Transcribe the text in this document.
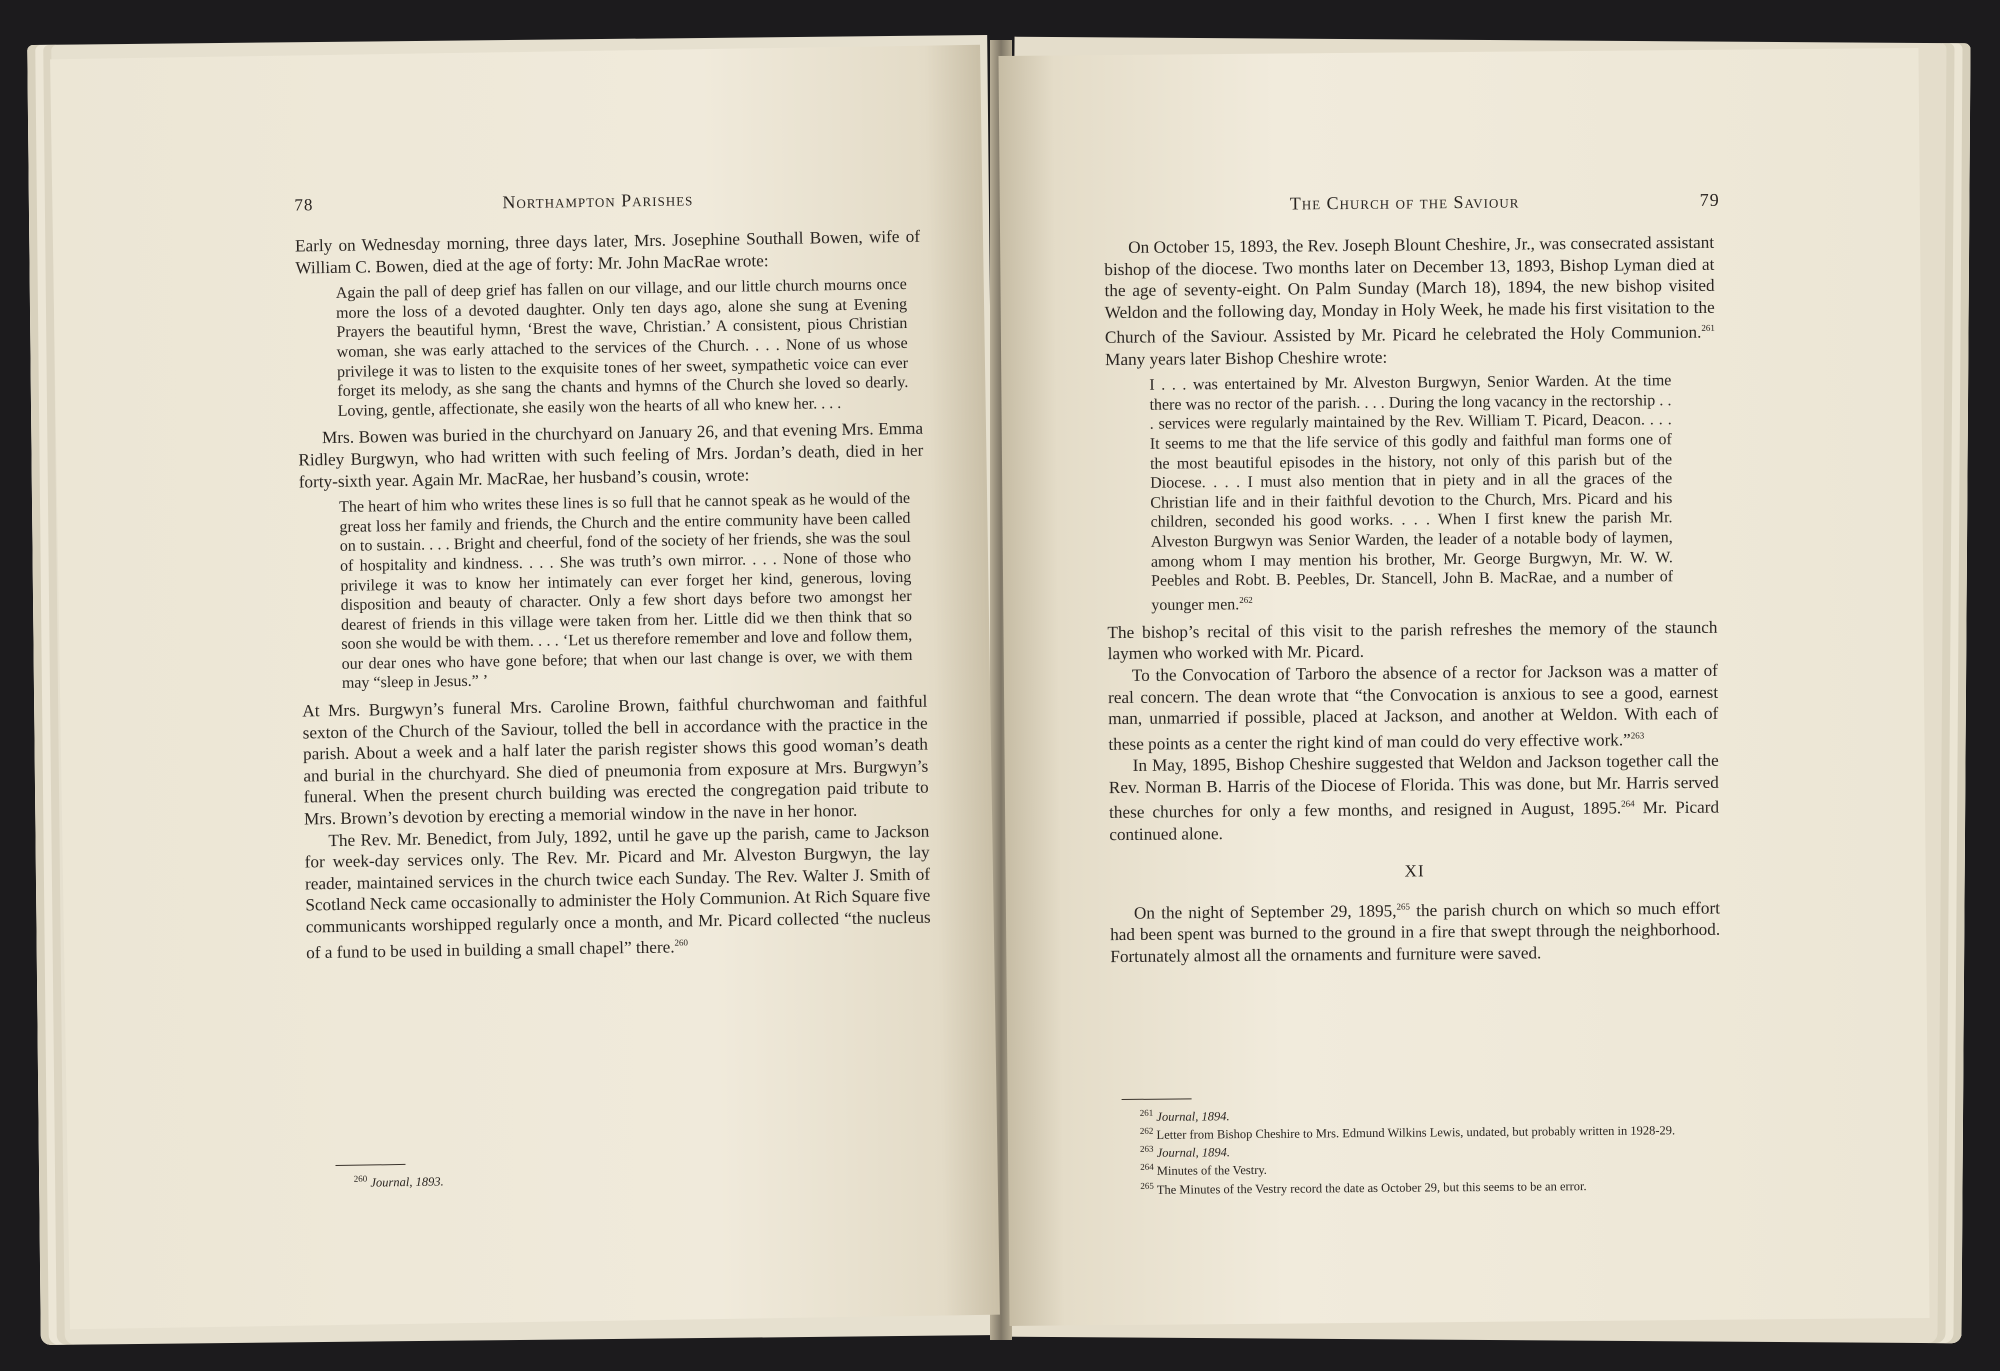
78	Northampton Parishes

Early on Wednesday morning, three days later, Mrs. Josephine Southall Bowen, wife of William C. Bowen, died at the age of forty: Mr. John MacRae wrote:

Again the pall of deep grief has fallen on our village, and our little church mourns once more the loss of a devoted daughter. Only ten days ago, alone she sung at Evening Prayers the beautiful hymn, ‘Brest the wave, Christian.’ A consistent, pious Christian woman, she was early attached to the services of the Church. . . . None of us whose privilege it was to listen to the exquisite tones of her sweet, sympathetic voice can ever forget its melody, as she sang the chants and hymns of the Church she loved so dearly. Loving, gentle, affectionate, she easily won the hearts of all who knew her. . . .

Mrs. Bowen was buried in the churchyard on January 26, and that evening Mrs. Emma Ridley Burgwyn, who had written with such feeling of Mrs. Jordan’s death, died in her forty-sixth year. Again Mr. MacRae, her husband’s cousin, wrote:

The heart of him who writes these lines is so full that he cannot speak as he would of the great loss her family and friends, the Church and the entire community have been called on to sustain. . . . Bright and cheerful, fond of the society of her friends, she was the soul of hospitality and kindness. . . . She was truth’s own mirror. . . . None of those who privilege it was to know her intimately can ever forget her kind, generous, loving disposition and beauty of character. Only a few short days before two amongst her dearest of friends in this village were taken from her. Little did we then think that so soon she would be with them. . . . ‘Let us therefore remember and love and follow them, our dear ones who have gone before; that when our last change is over, we with them may “sleep in Jesus.” ’

At Mrs. Burgwyn’s funeral Mrs. Caroline Brown, faithful churchwoman and faithful sexton of the Church of the Saviour, tolled the bell in accordance with the practice in the parish. About a week and a half later the parish register shows this good woman’s death and burial in the churchyard. She died of pneumonia from exposure at Mrs. Burgwyn’s funeral. When the present church building was erected the congregation paid tribute to Mrs. Brown’s devotion by erecting a memorial window in the nave in her honor.

The Rev. Mr. Benedict, from July, 1892, until he gave up the parish, came to Jackson for week-day services only. The Rev. Mr. Picard and Mr. Alveston Burgwyn, the lay reader, maintained services in the church twice each Sunday. The Rev. Walter J. Smith of Scotland Neck came occasionally to administer the Holy Communion. At Rich Square five communicants worshipped regularly once a month, and Mr. Picard collected “the nucleus of a fund to be used in building a small chapel” there.$^{260}$

$^{260}$ Journal, 1893.
The Church of the Saviour	79

On October 15, 1893, the Rev. Joseph Blount Cheshire, Jr., was consecrated assistant bishop of the diocese. Two months later on December 13, 1893, Bishop Lyman died at the age of seventy-eight. On Palm Sunday (March 18), 1894, the new bishop visited Weldon and the following day, Monday in Holy Week, he made his first visitation to the Church of the Saviour. Assisted by Mr. Picard he celebrated the Holy Communion.$^{261}$ Many years later Bishop Cheshire wrote:

I . . . was entertained by Mr. Alveston Burgwyn, Senior Warden. At the time there was no rector of the parish. . . . During the long vacancy in the rectorship . . . services were regularly maintained by the Rev. William T. Picard, Deacon. . . . It seems to me that the life service of this godly and faithful man forms one of the most beautiful episodes in the history, not only of this parish but of the Diocese. . . . I must also mention that in piety and in all the graces of the Christian life and in their faithful devotion to the Church, Mrs. Picard and his children, seconded his good works. . . . When I first knew the parish Mr. Alveston Burgwyn was Senior Warden, the leader of a notable body of laymen, among whom I may mention his brother, Mr. George Burgwyn, Mr. W. W. Peebles and Robt. B. Peebles, Dr. Stancell, John B. MacRae, and a number of younger men.$^{262}$

The bishop’s recital of this visit to the parish refreshes the memory of the staunch laymen who worked with Mr. Picard.

To the Convocation of Tarboro the absence of a rector for Jackson was a matter of real concern. The dean wrote that “the Convocation is anxious to see a good, earnest man, unmarried if possible, placed at Jackson, and another at Weldon. With each of these points as a center the right kind of man could do very effective work.”$^{263}$

In May, 1895, Bishop Cheshire suggested that Weldon and Jackson together call the Rev. Norman B. Harris of the Diocese of Florida. This was done, but Mr. Harris served these churches for only a few months, and resigned in August, 1895.$^{264}$ Mr. Picard continued alone.

XI

On the night of September 29, 1895,$^{265}$ the parish church on which so much effort had been spent was burned to the ground in a fire that swept through the neighborhood. Fortunately almost all the ornaments and furniture were saved.

$^{261}$ Journal, 1894.
$^{262}$ Letter from Bishop Cheshire to Mrs. Edmund Wilkins Lewis, undated, but probably written in 1928-29.
$^{263}$ Journal, 1894.
$^{264}$ Minutes of the Vestry.
$^{265}$ The Minutes of the Vestry record the date as October 29, but this seems to be an error.
